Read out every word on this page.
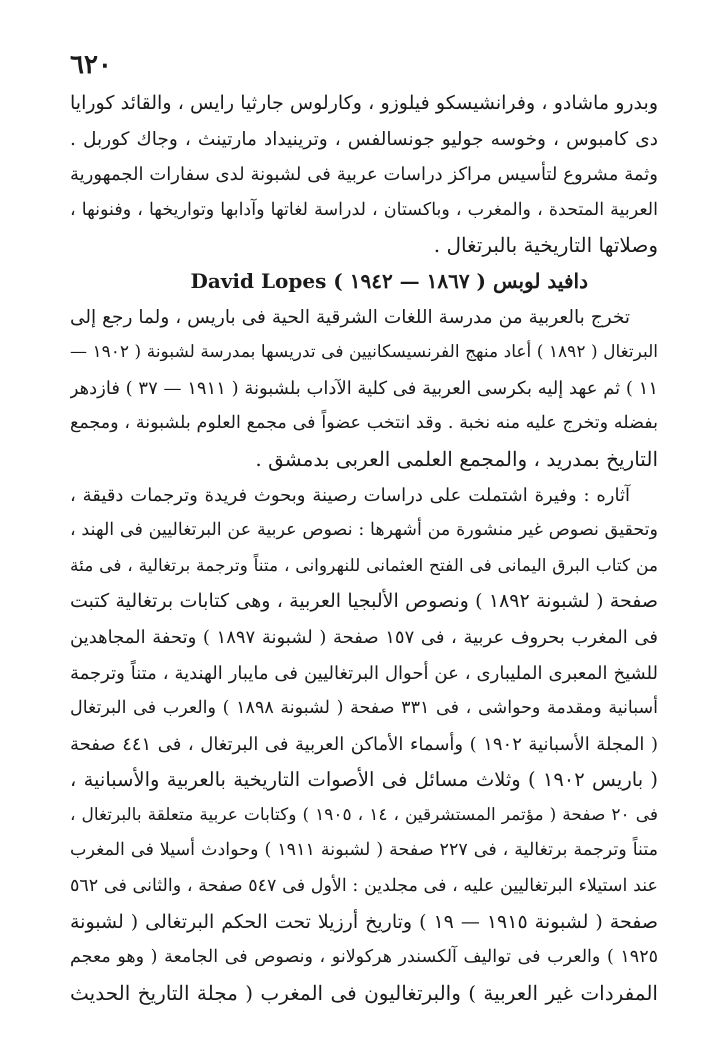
٦٢٠
وبدرو ماشادو ، وفرانشيسكو فيلوزو ، وكارلوس جارثيا رايس ، والقائد كورايا
دى كامبوس ، وخوسه جوليو جونسالفس ، وترينيداد مارتينث ، وجاك كوربل .
وثمة مشروع لتأسيس مراكز دراسات عربية فى لشبونة لدى سفارات الجمهورية
العربية المتحدة ، والمغرب ، وباكستان ، لدراسة لغاتها وآدابها وتواريخها ، وفنونها ،
وصلاتها التاريخية بالبرتغال .
دافيد لوبس ( ١٨٦٧ — ١٩٤٢ ) David Lopes
تخرج بالعربية من مدرسة اللغات الشرقية الحية فى باريس ، ولما رجع إلى
البرتغال ( ١٨٩٢ ) أعاد منهج الفرنسيسكانيين فى تدريسها بمدرسة لشبونة ( ١٩٠٢ —
١١ ) ثم عهد إليه بكرسى العربية فى كلية الآداب بلشبونة ( ١٩١١ — ٣٧ ) فازدهر
بفضله وتخرج عليه منه نخبة . وقد انتخب عضواً فى مجمع العلوم بلشبونة ، ومجمع
التاريخ بمدريد ، والمجمع العلمى العربى بدمشق .
آثاره : وفيرة اشتملت على دراسات رصينة وبحوث فريدة وترجمات دقيقة ،
وتحقيق نصوص غير منشورة من أشهرها : نصوص عربية عن البرتغاليين فى الهند ،
من كتاب البرق اليمانى فى الفتح العثمانى للنهروانى ، متناً وترجمة برتغالية ، فى مئة
صفحة ( لشبونة ١٨٩٢ ) ونصوص الألبجيا العربية ، وهى كتابات برتغالية كتبت
فى المغرب بحروف عربية ، فى ١٥٧ صفحة ( لشبونة ١٨٩٧ ) وتحفة المجاهدين
للشيخ المعبرى المليبارى ، عن أحوال البرتغاليين فى مايبار الهندية ، متناً وترجمة
أسبانية ومقدمة وحواشى ، فى ٣٣١ صفحة ( لشبونة ١٨٩٨ ) والعرب فى البرتغال
( المجلة الأسبانية ١٩٠٢ ) وأسماء الأماكن العربية فى البرتغال ، فى ٤٤١ صفحة
( باريس ١٩٠٢ ) وثلاث مسائل فى الأصوات التاريخية بالعربية والأسبانية ،
فى ٢٠ صفحة ( مؤتمر المستشرقين ، ١٤ ، ١٩٠٥ ) وكتابات عربية متعلقة بالبرتغال ،
متناً وترجمة برتغالية ، فى ٢٢٧ صفحة ( لشبونة ١٩١١ ) وحوادث أسيلا فى المغرب
عند استيلاء البرتغاليين عليه ، فى مجلدين : الأول فى ٥٤٧ صفحة ، والثانى فى ٥٦٢
صفحة ( لشبونة ١٩١٥ — ١٩ ) وتاريخ أرزيلا تحت الحكم البرتغالى ( لشبونة
١٩٢٥ ) والعرب فى تواليف آلكسندر هركولانو ، ونصوص فى الجامعة ( وهو معجم
المفردات غير العربية ) والبرتغاليون فى المغرب ( مجلة التاريخ الحديث
